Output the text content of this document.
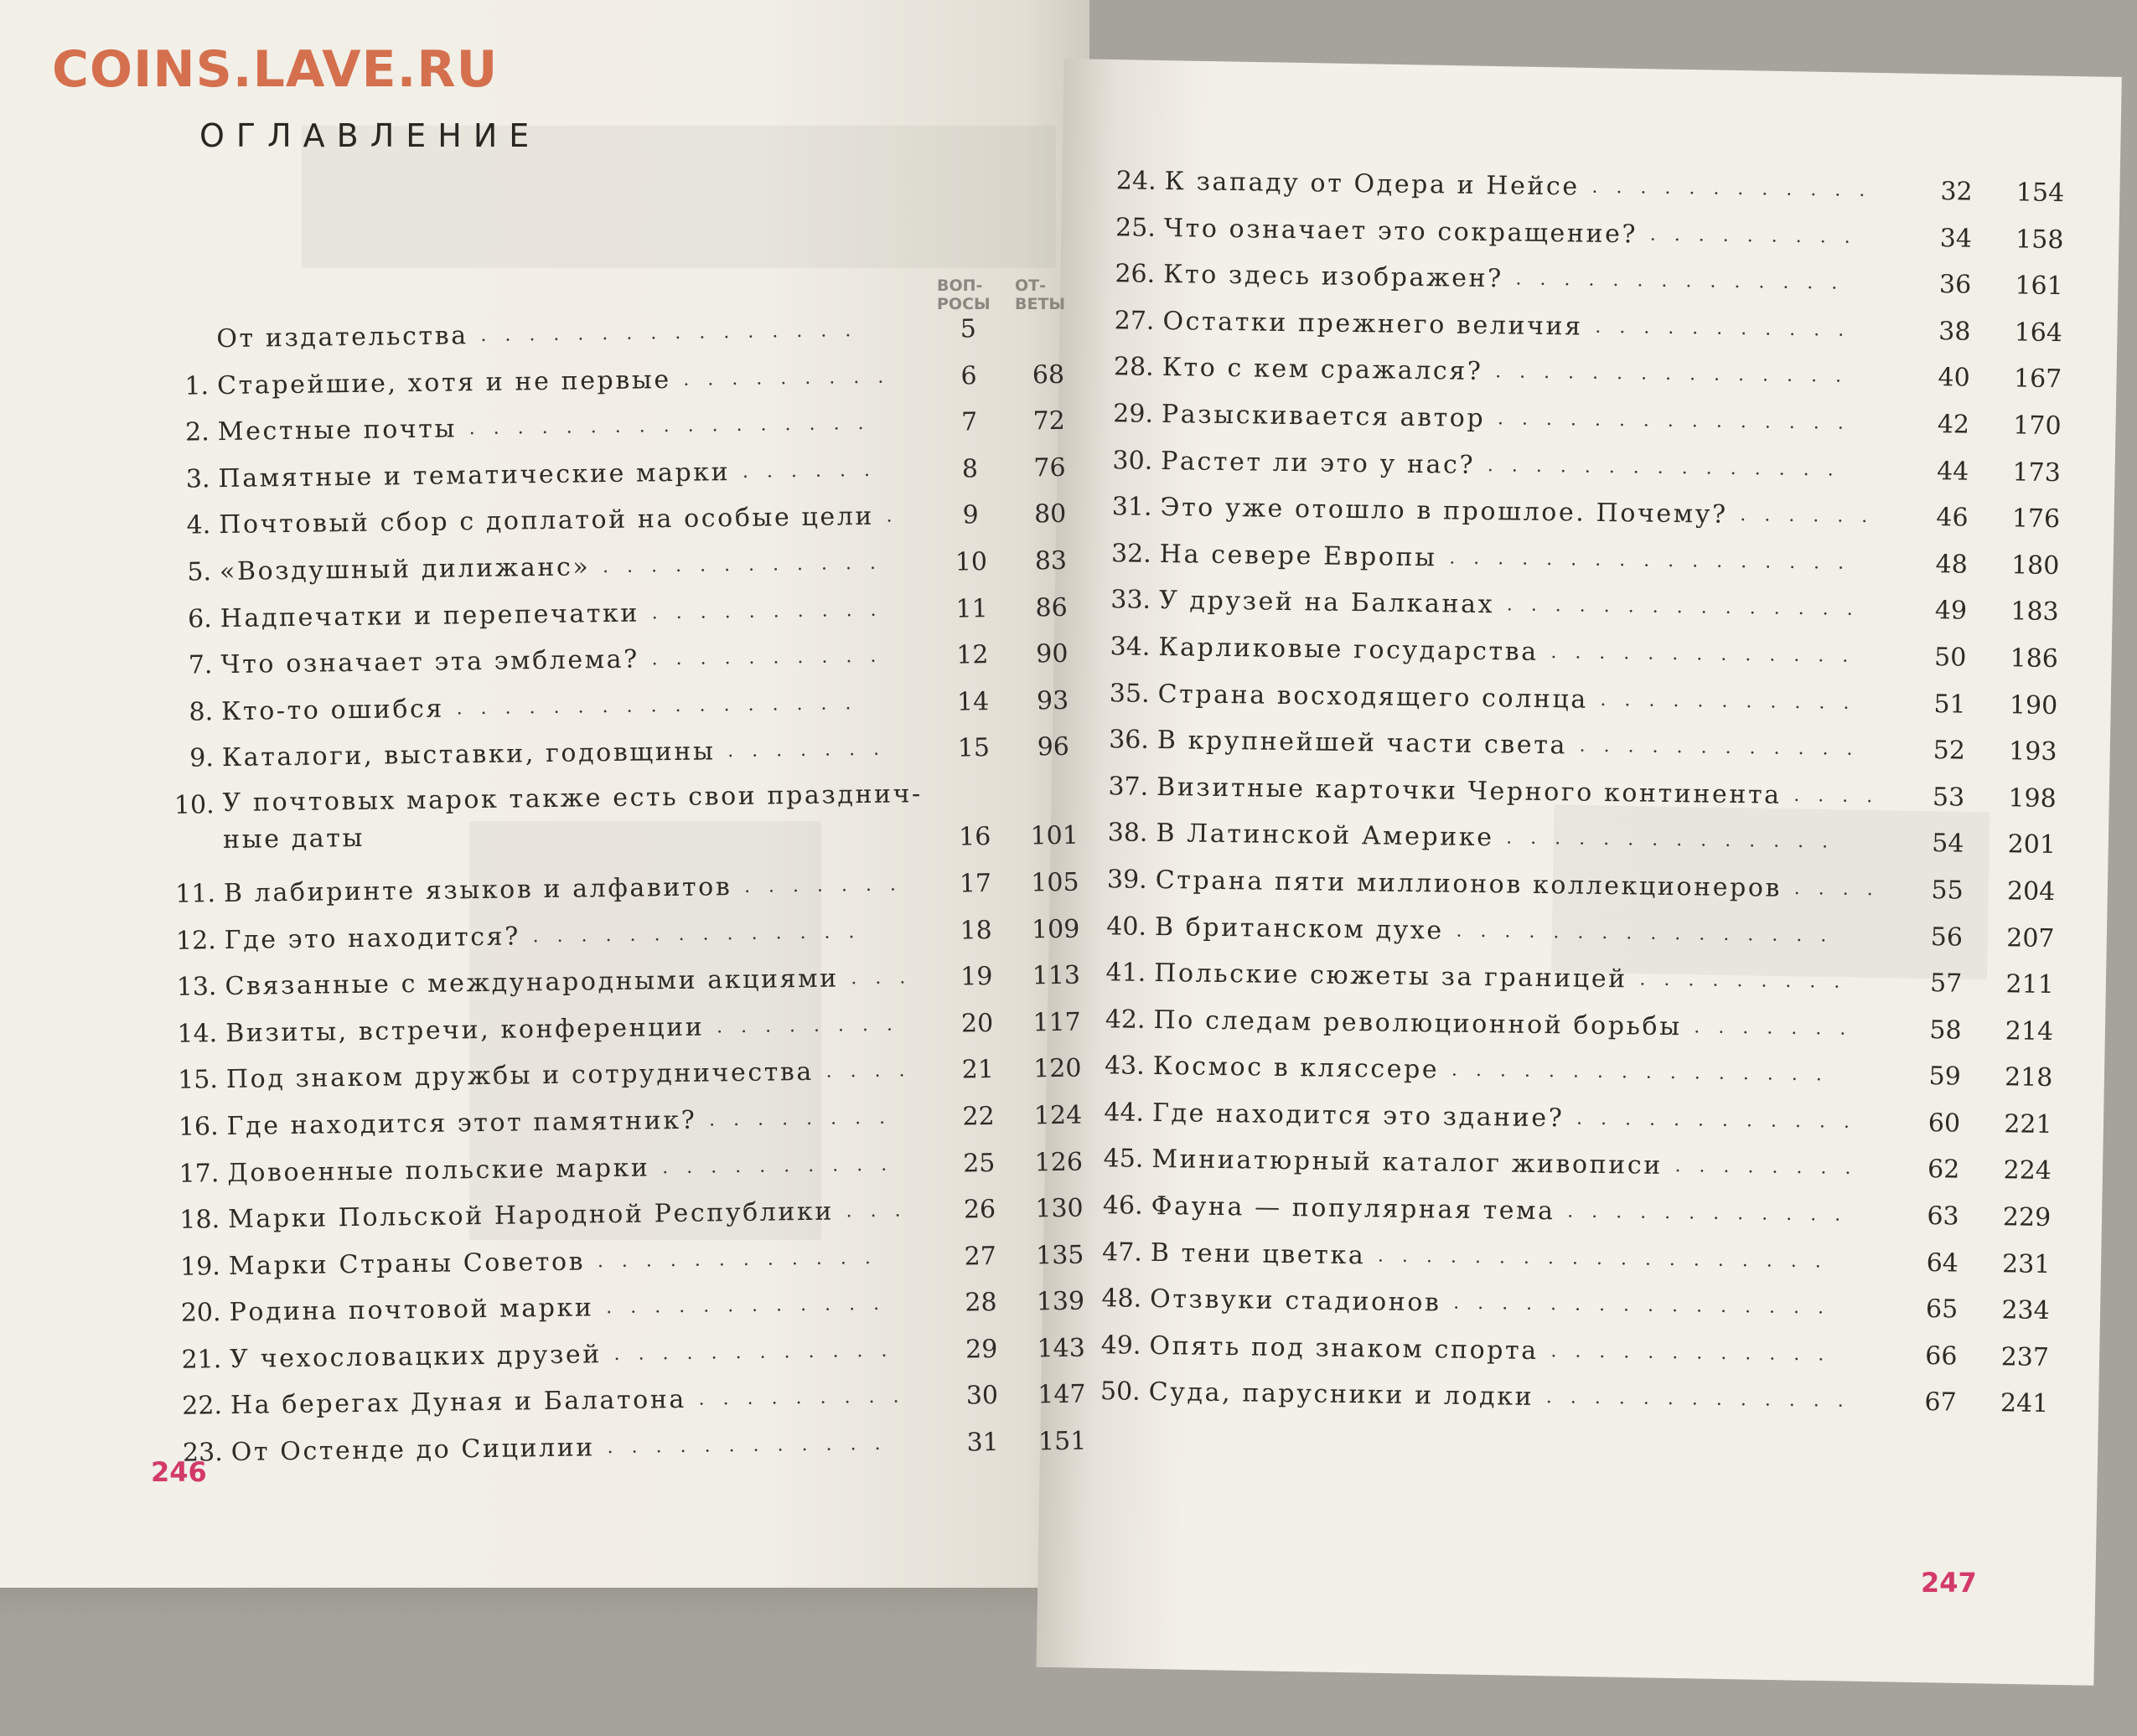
COINS.LAVE.RU
ОГЛАВЛЕНИЕ
ВОП-
РОСЫ
ОТ-
ВЕТЫ
От издательства	5
................
1. Старейшие, хотя и не первые	6	68
.........
2. Местные почты	7	72
.................
3. Памятные и тематические марки	8	76
......
4. Почтовый сбор с доплатой на особые цели	9	80
.
5. «Воздушный дилижанс»	10	83
............
6. Надпечатки и перепечатки	11	86
..........
7. Что означает эта эмблема?	12	90
..........
8. Кто-то ошибся	14	93
.................
9. Каталоги, выставки, годовщины	15	96
.......
10. У почтовых марок также есть свои празднич-
ные даты	16	101
11. В лабиринте языков и алфавитов	17	105
.......
12. Где это находится?	18	109
..............
13. Связанные с международными акциями	19	113
...
14. Визиты, встречи, конференции	20	117
........
15. Под знаком дружбы и сотрудничества	21	120
....
16. Где находится этот памятник?	22	124
........
17. Довоенные польские марки	25	126
..........
18. Марки Польской Народной Республики	26	130
...
19. Марки Страны Советов	27	135
............
20. Родина почтовой марки	28	139
............
21. У чехословацких друзей	29	143
............
22. На берегах Дуная и Балатона	30	147
.........
23. От Остенде до Сицилии	31	151
............
24. К западу от Одера и Нейсе	32	154
............
25. Что означает это сокращение?	34	158
.........
26. Кто здесь изображен?	36	161
..............
27. Остатки прежнего величия	38	164
...........
28. Кто с кем сражался?	40	167
...............
29. Разыскивается автор	42	170
...............
30. Растет ли это у нас?	44	173
...............
31. Это уже отошло в прошлое. Почему?	46	176
......
32. На севере Европы	48	180
.................
33. У друзей на Балканах	49	183
...............
34. Карликовые государства	50	186
.............
35. Страна восходящего солнца	51	190
...........
36. В крупнейшей части света	52	193
............
37. Визитные карточки Черного континента	53	198
....
38. В Латинской Америке	54	201
..............
39. Страна пяти миллионов коллекционеров	55	204
....
40. В британском духе	56	207
................
41. Польские сюжеты за границей	57	211
.........
42. По следам революционной борьбы	58	214
.......
43. Космос в кляссере	59	218
................
44. Где находится это здание?	60	221
............
45. Миниатюрный каталог живописи	62	224
........
46. Фауна — популярная тема	63	229
............
47. В тени цветка	64	231
...................
48. Отзвуки стадионов	65	234
................
49. Опять под знаком спорта	66	237
............
50. Суда, парусники и лодки	67	241
.............
246
247
